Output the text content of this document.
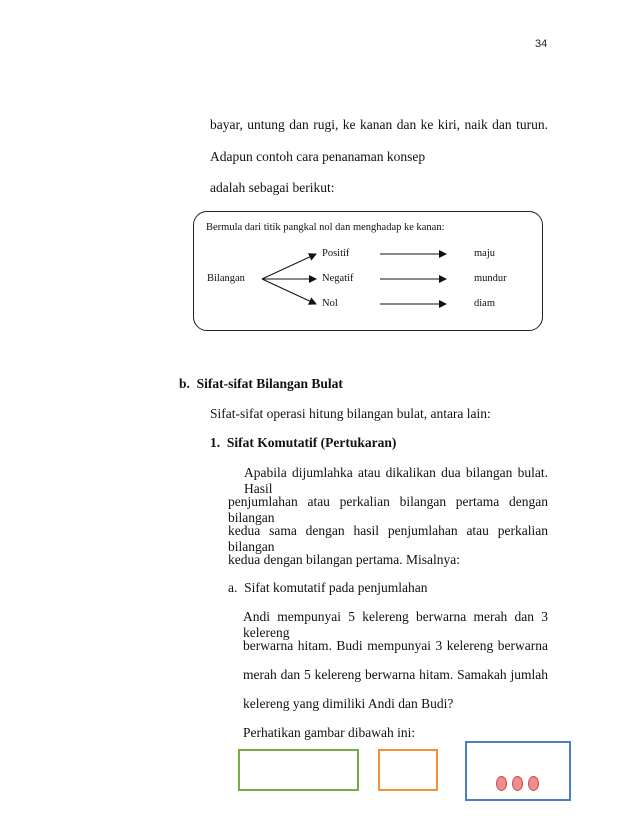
34
bayar, untung dan rugi, ke kanan dan ke kiri, naik dan turun.
Adapun contoh cara penanaman konsep
adalah sebagai berikut:
Bermula dari titik pangkal nol dan menghadap ke kanan:
Bilangan
Positif
Negatif
Nol
maju
mundur
diam
b.  Sifat-sifat Bilangan Bulat
Sifat-sifat operasi hitung bilangan bulat, antara lain:
1.  Sifat Komutatif (Pertukaran)
Apabila dijumlahka atau dikalikan dua bilangan bulat. Hasil
penjumlahan atau perkalian bilangan pertama dengan bilangan
kedua sama dengan hasil penjumlahan atau perkalian bilangan
kedua dengan bilangan pertama. Misalnya:
a.  Sifat komutatif pada penjumlahan
Andi mempunyai 5 kelereng berwarna merah dan 3 kelereng
berwarna hitam. Budi mempunyai 3 kelereng berwarna
merah dan 5 kelereng berwarna hitam. Samakah jumlah
kelereng yang dimiliki Andi dan Budi?
Perhatikan gambar dibawah ini:
